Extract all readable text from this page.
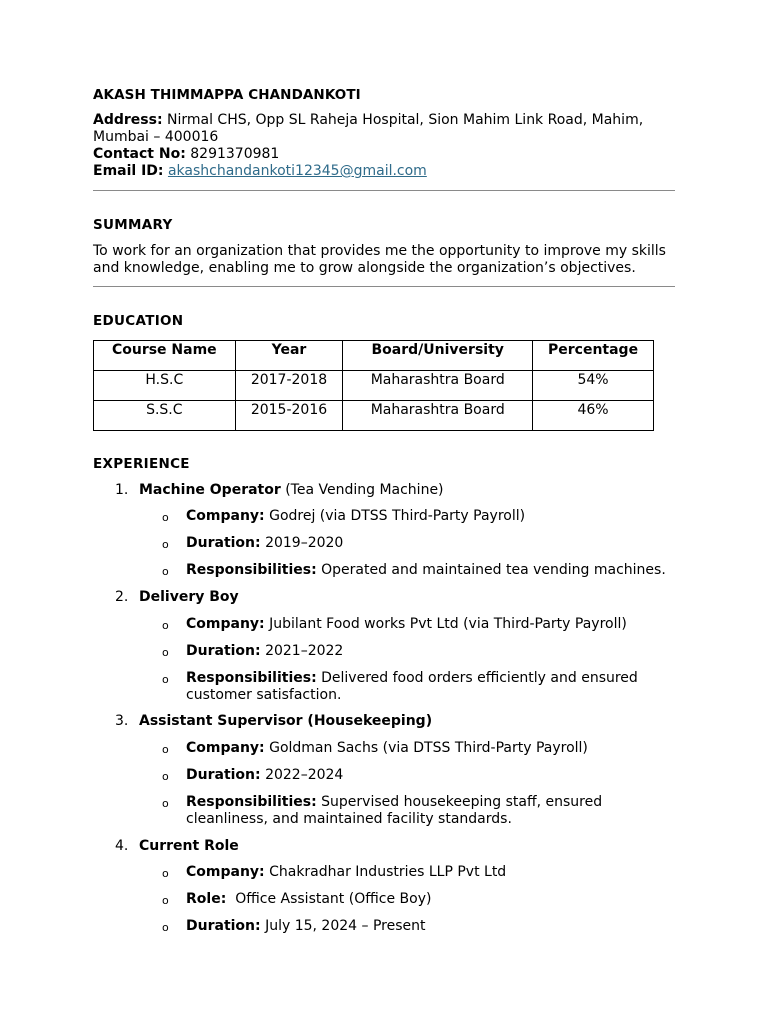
AKASH THIMMAPPA CHANDANKOTI
Address: Nirmal CHS, Opp SL Raheja Hospital, Sion Mahim Link Road, Mahim, Mumbai – 400016
Contact No: 8291370981
Email ID: akashchandankoti12345@gmail.com
SUMMARY
To work for an organization that provides me the opportunity to improve my skills and knowledge, enabling me to grow alongside the organization’s objectives.
EDUCATION
Course Name	Year	Board/University	Percentage
H.S.C	2017-2018	Maharashtra Board	54%
S.S.C	2015-2016	Maharashtra Board	46%
EXPERIENCE
1. Machine Operator (Tea Vending Machine)
o Company: Godrej (via DTSS Third-Party Payroll)
o Duration: 2019–2020
o Responsibilities: Operated and maintained tea vending machines.
2. Delivery Boy
o Company: Jubilant Food works Pvt Ltd (via Third-Party Payroll)
o Duration: 2021–2022
o Responsibilities: Delivered food orders efficiently and ensured customer satisfaction.
3. Assistant Supervisor (Housekeeping)
o Company: Goldman Sachs (via DTSS Third-Party Payroll)
o Duration: 2022–2024
o Responsibilities: Supervised housekeeping staff, ensured cleanliness, and maintained facility standards.
4. Current Role
o Company: Chakradhar Industries LLP Pvt Ltd
o Role:  Office Assistant (Office Boy)
o Duration: July 15, 2024 – Present
